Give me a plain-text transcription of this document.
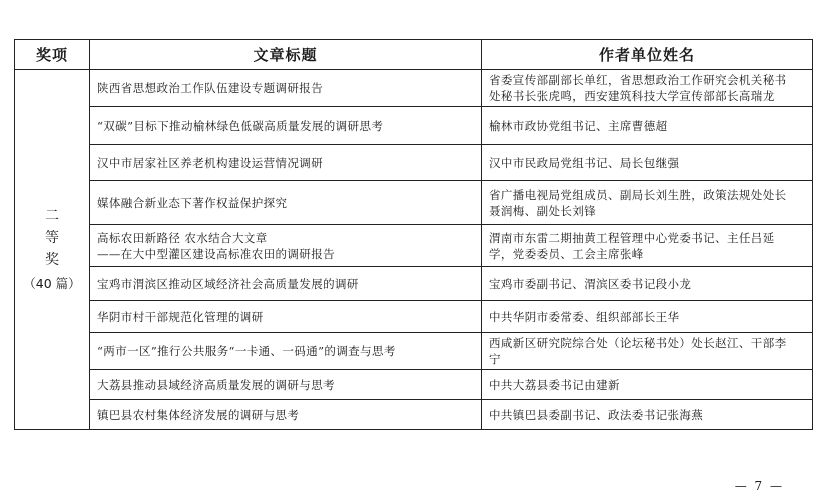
奖项	文章标题	作者单位姓名

二
等
奖
（40 篇）	陕西省思想政治工作队伍建设专题调研报告	省委宣传部副部长单红，省思想政治工作研究会机关秘书
处秘书长张虎鸣，西安建筑科技大学宣传部部长高瑞龙

	“双碳”目标下推动榆林绿色低碳高质量发展的调研思考	榆林市政协党组书记、主席曹德超

	汉中市居家社区养老机构建设运营情况调研	汉中市民政局党组书记、局长包继强

	媒体融合新业态下著作权益保护探究	省广播电视局党组成员、副局长刘生胜，政策法规处处长
聂润梅、副处长刘锋

	高标农田新路径 农水结合大文章
——在大中型灌区建设高标准农田的调研报告	渭南市东雷二期抽黄工程管理中心党委书记、主任吕延
学，党委委员、工会主席张峰

	宝鸡市渭滨区推动区域经济社会高质量发展的调研	宝鸡市委副书记、渭滨区委书记段小龙

	华阴市村干部规范化管理的调研	中共华阴市委常委、组织部部长王华

	“两市一区”推行公共服务“一卡通、一码通”的调查与思考	西咸新区研究院综合处（论坛秘书处）处长赵江、干部李
宁

	大荔县推动县域经济高质量发展的调研与思考	中共大荔县委书记由建新

	镇巴县农村集体经济发展的调研与思考	中共镇巴县委副书记、政法委书记张海燕
— 7 —
